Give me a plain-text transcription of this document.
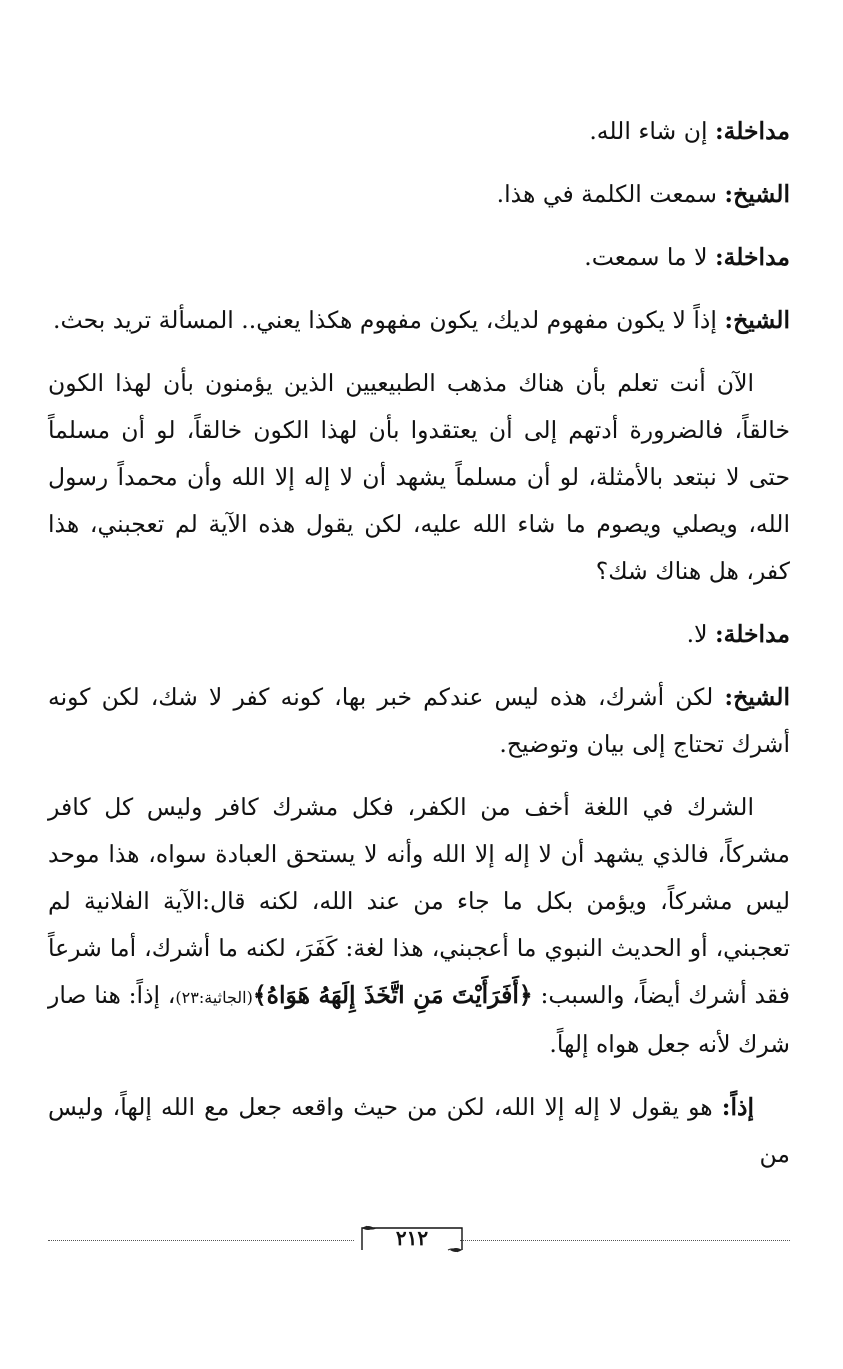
مداخلة: إن شاء الله.

الشيخ: سمعت الكلمة في هذا.

مداخلة: لا ما سمعت.

الشيخ: إذاً لا يكون مفهوم لديك، يكون مفهوم هكذا يعني.. المسألة تريد بحث.

الآن أنت تعلم بأن هناك مذهب الطبيعيين الذين يؤمنون بأن لهذا الكون خالقاً، فالضرورة أدتهم إلى أن يعتقدوا بأن لهذا الكون خالقاً، لو أن مسلماً حتى لا نبتعد بالأمثلة، لو أن مسلماً يشهد أن لا إله إلا الله وأن محمداً رسول الله، ويصلي ويصوم ما شاء الله عليه، لكن يقول هذه الآية لم تعجبني، هذا كفر، هل هناك شك؟

مداخلة: لا.

الشيخ: لكن أشرك، هذه ليس عندكم خبر بها، كونه كفر لا شك، لكن كونه أشرك تحتاج إلى بيان وتوضيح.

الشرك في اللغة أخف من الكفر، فكل مشرك كافر وليس كل كافر مشركاً، فالذي يشهد أن لا إله إلا الله وأنه لا يستحق العبادة سواه، هذا موحد ليس مشركاً، ويؤمن بكل ما جاء من عند الله، لكنه قال:الآية الفلانية لم تعجبني، أو الحديث النبوي ما أعجبني، هذا لغة: كَفَرَ، لكنه ما أشرك، أما شرعاً فقد أشرك أيضاً، والسبب: ﴿أَفَرَأَيْتَ مَنِ اتَّخَذَ إِلَهَهُ هَوَاهُ﴾(الجاثية:٢٣)، إذاً: هنا صار شرك لأنه جعل هواه إلهاً.

إذاً: هو يقول لا إله إلا الله، لكن من حيث واقعه جعل مع الله إلهاً، وليس من

٢١٢
